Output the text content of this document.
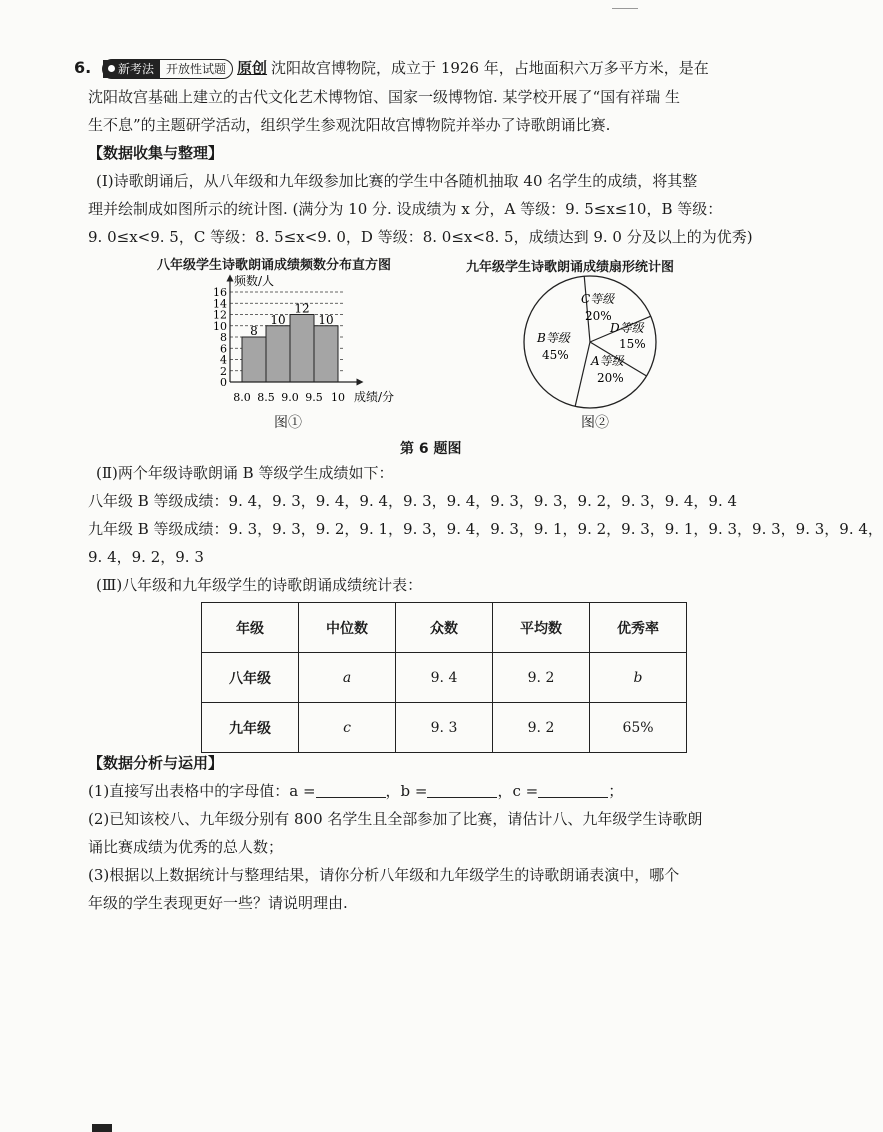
6.	新考法 开放性试题 原创 沈阳故宫博物院，成立于 1926 年，占地面积六万多平方米，是在
沈阳故宫基础上建立的古代文化艺术博物馆、国家一级博物馆. 某学校开展了“国有祥瑞 生
生不息”的主题研学活动，组织学生参观沈阳故宫博物院并举办了诗歌朗诵比赛.
【数据收集与整理】
(Ⅰ)诗歌朗诵后，从八年级和九年级参加比赛的学生中各随机抽取 40 名学生的成绩，将其整
理并绘制成如图所示的统计图. (满分为 10 分. 设成绩为 x 分，A 等级：9. 5≤x≤10，B 等级：
9. 0≤x<9. 5，C 等级：8. 5≤x<9. 0，D 等级：8. 0≤x<8. 5，成绩达到 9. 0 分及以上的为优秀)
八年级学生诗歌朗诵成绩频数分布直方图
频数/人
成绩/分
0
2
4
6
8
10
12
14
16
8.0 8.5 9.0 9.5 10
8
10
12
10
图①
九年级学生诗歌朗诵成绩扇形统计图
C等级
20%
D等级
15%
A等级
20%
B等级
45%
图②
第 6 题图
(Ⅱ)两个年级诗歌朗诵 B 等级学生成绩如下：
八年级 B 等级成绩：9. 4，9. 3，9. 4，9. 4，9. 3，9. 4，9. 3，9. 3，9. 2，9. 3，9. 4，9. 4
九年级 B 等级成绩：9. 3，9. 3，9. 2，9. 1，9. 3，9. 4，9. 3，9. 1，9. 2，9. 3，9. 1，9. 3，9. 3，9. 3，9. 4，
9. 4，9. 2，9. 3
(Ⅲ)八年级和九年级学生的诗歌朗诵成绩统计表：
年级	中位数	众数	平均数	优秀率
八年级	a	9. 4	9. 2	b
九年级	c	9. 3	9. 2	65%
【数据分析与运用】
(1)直接写出表格中的字母值：a =	，b =	，c =	；
(2)已知该校八、九年级分别有 800 名学生且全部参加了比赛，请估计八、九年级学生诗歌朗
诵比赛成绩为优秀的总人数；
(3)根据以上数据统计与整理结果，请你分析八年级和九年级学生的诗歌朗诵表演中，哪个
年级的学生表现更好一些？请说明理由.
